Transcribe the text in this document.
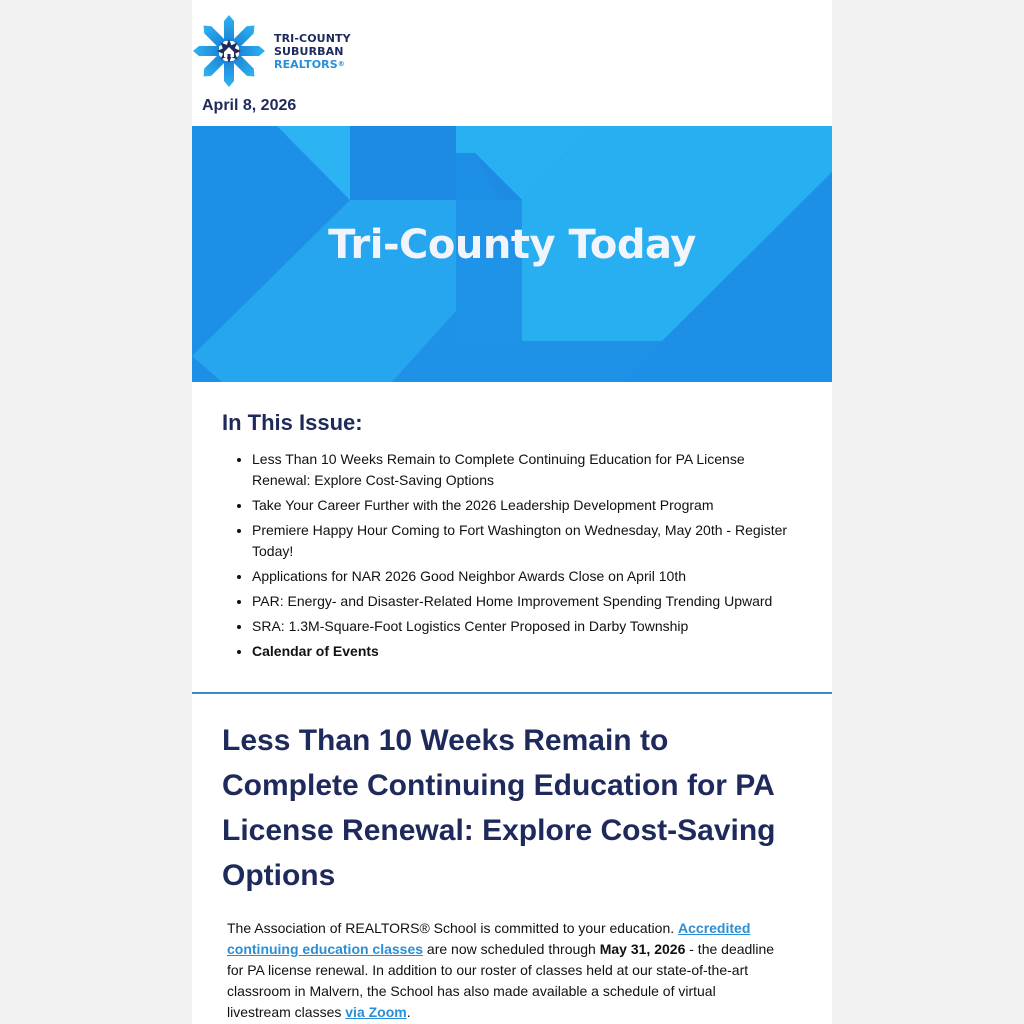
TRI-COUNTY
SUBURBAN
REALTORS®
April 8, 2026
Tri-County Today
In This Issue:
Less Than 10 Weeks Remain to Complete Continuing Education for PA License Renewal: Explore Cost-Saving Options
Take Your Career Further with the 2026 Leadership Development Program
Premiere Happy Hour Coming to Fort Washington on Wednesday, May 20th - Register Today!
Applications for NAR 2026 Good Neighbor Awards Close on April 10th
PAR: Energy- and Disaster-Related Home Improvement Spending Trending Upward
SRA: 1.3M-Square-Foot Logistics Center Proposed in Darby Township
Calendar of Events
Less Than 10 Weeks Remain to Complete Continuing Education for PA License Renewal: Explore Cost-Saving Options

The Association of REALTORS® School is committed to your education. Accredited continuing education classes are now scheduled through May 31, 2026 - the deadline for PA license renewal. In addition to our roster of classes held at our state-of-the-art classroom in Malvern, the School has also made available a schedule of virtual livestream classes via Zoom.
